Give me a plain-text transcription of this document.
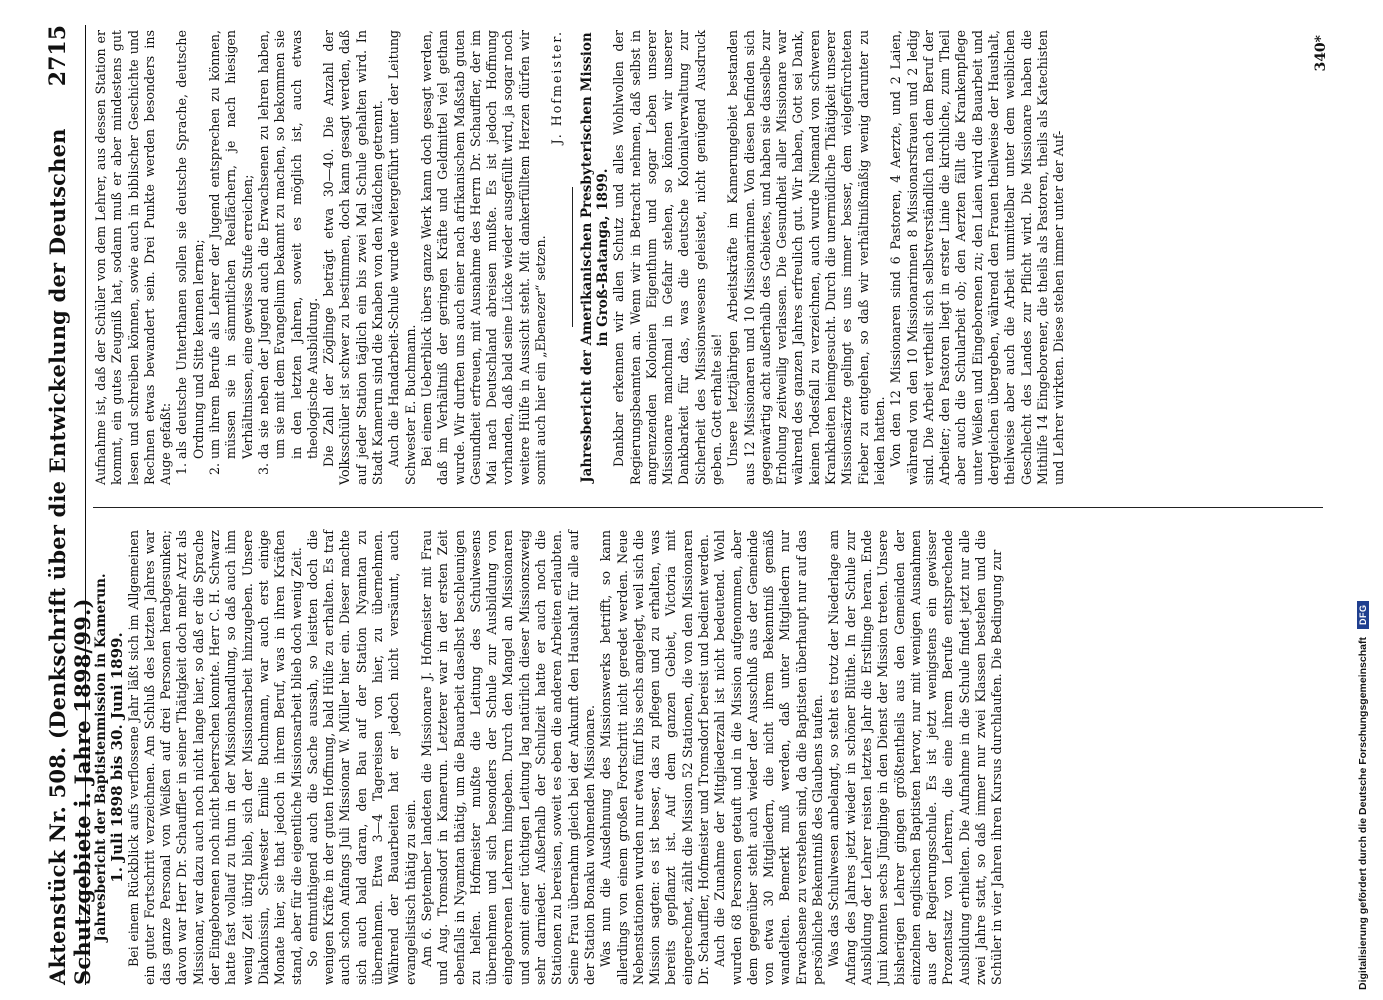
Aktenstück Nr. 508. (Denkschrift über die Entwickelung der Deutschen Schutzgebiete i. Jahre 1898/99.)
2715

Jahresbericht der Baptistenmission in Kamerun. 1. Juli 1898 bis 30. Juni 1899. Bei einem Rückblick aufs verflossene Jahr läßt sich im Allgemeinen ein guter Fortschritt verzeichnen. Am Schluß des letzten Jahres war das ganze Personal von Weißen auf drei Personen herabgesunken; davon war Herr Dr. Schauffler in seiner Thätigkeit doch mehr Arzt als Missionar, war dazu auch noch nicht lange hier, so daß er die Sprache der Eingeborenen noch nicht beherrschen konnte. Herr C. H. Schwarz hatte fast vollauf zu thun in der Missionshandlung, so daß auch ihm wenig Zeit übrig blieb, sich der Missionsarbeit hinzugeben. Unsere Diakonissin, Schwester Emilie Buchmann, war auch erst einige Monate hier, sie that jedoch in ihrem Beruf, was in ihren Kräften stand, aber für die eigentliche Missionsarbeit blieb doch wenig Zeit. So entmuthigend auch die Sache aussah, so leistten doch die wenigen Kräfte in der guten Hoffnung, bald Hülfe zu erhalten. Es traf auch schon Anfangs Juli Missionar W. Müller hier ein. Dieser machte sich auch bald daran, den Bau auf der Station Nyamtan zu übernehmen. Etwa 3—4 Tagereisen von hier, zu übernehmen. Während der Bauarbeiten hat er jedoch nicht versäumt, auch evangelistisch thätig zu sein. Am 6. September landeten die Missionare J. Hofmeister mit Frau und Aug. Tromsdorf in Kamerun. Letzterer war in der ersten Zeit ebenfalls in Nyamtan thätig, um die Bauarbeit daselbst beschleunigen zu helfen. Hofmeister mußte die Leitung des Schulwesens übernehmen und sich besonders der Schule zur Ausbildung von eingeborenen Lehrern hingeben. Durch den Mangel an Missionaren und somit einer tüchtigen Leitung lag natürlich dieser Missionszweig sehr darnieder. Außerhalb der Schulzeit hatte er auch noch die Stationen zu bereisen, soweit es eben die anderen Arbeiten erlaubten. Seine Frau übernahm gleich bei der Ankunft den Haushalt für alle auf der Station Bonaku wohnenden Missionare. Was nun die Ausdehnung des Missionswerks betrifft, so kann allerdings von einem großen Fortschritt nicht geredet werden. Neue Nebenstationen wurden nur etwa fünf bis sechs angelegt, weil sich die Mission sagten: es ist besser, das zu pflegen und zu erhalten, was bereits gepflanzt ist. Auf dem ganzen Gebiet, Victoria mit eingerechnet, zählt die Mission 52 Stationen, die von den Missionaren Dr. Schauffler, Hofmeister und Tromsdorf bereist und bedient werden. Auch die Zunahme der Mitgliederzahl ist nicht bedeutend. Wohl wurden 68 Personen getauft und in die Mission aufgenommen, aber dem gegenüber steht auch wieder der Ausschluß aus der Gemeinde von etwa 30 Mitgliedern, die nicht ihrem Bekenntniß gemäß wandelten. Bemerkt muß werden, daß unter Mitgliedern nur Erwachsene zu verstehen sind, da die Baptisten überhaupt nur auf das persönliche Bekenntniß des Glaubens taufen. Was das Schulwesen anbelangt, so steht es trotz der Niederlage am Anfang des Jahres jetzt wieder in schöner Blüthe. In der Schule zur Ausbildung der Lehrer reisten letztes Jahr die Erstlinge heran. Ende Juni konnten sechs Jünglinge in den Dienst der Mission treten. Unsere bisherigen Lehrer gingen größtentheils aus den Gemeinden der einzelnen englischen Baptisten hervor, nur mit wenigen Ausnahmen aus der Regierungsschule. Es ist jetzt wenigstens ein gewisser Prozentsatz von Lehrern, die eine ihrem Berufe entsprechende Ausbildung erhielten. Die Aufnahme in die Schule findet jetzt nur alle zwei Jahre statt, so daß immer nur zwei Klassen bestehen und die Schüler in vier Jahren ihren Kursus durchlaufen. Die Bedingung zur

Aufnahme ist, daß der Schüler von dem Lehrer, aus dessen Station er kommt, ein gutes Zeugniß hat, sodann muß er aber mindestens gut lesen und schreiben können, sowie auch in biblischer Geschichte und Rechnen etwas bewandert sein. Drei Punkte werden besonders ins Auge gefaßt: 1. als deutsche Unterthanen sollen sie deutsche Sprache, deutsche Ordnung und Sitte kennen lernen; 2. um ihrem Berufe als Lehrer der Jugend entsprechen zu können, müssen sie in sämmtlichen Realfächern, je nach hiesigen Verhältnissen, eine gewisse Stufe erreichen; 3. da sie neben der Jugend auch die Erwachsenen zu lehren haben, um sie mit dem Evangelium bekannt zu machen, so bekommen sie in den letzten Jahren, soweit es möglich ist, auch etwas theologische Ausbildung. Die Zahl der Zöglinge beträgt etwa 30—40. Die Anzahl der Volksschüler ist schwer zu bestimmen, doch kann gesagt werden, daß auf jeder Station täglich ein bis zwei Mal Schule gehalten wird. In Stadt Kamerun sind die Knaben von den Mädchen getrennt. Auch die Handarbeit-Schule wurde weitergeführt unter der Leitung Schwester E. Buchmann. Bei einem Ueberblick übers ganze Werk kann doch gesagt werden, daß im Verhältniß der geringen Kräfte und Geldmittel viel gethan wurde. Wir durften uns auch einer nach afrikanischem Maßstab guten Gesundheit erfreuen, mit Ausnahme des Herrn Dr. Schauffler, der im Mai nach Deutschland abreisen mußte. Es ist jedoch Hoffnung vorhanden, daß bald seine Lücke wieder ausgefüllt wird, ja sogar noch weitere Hülfe in Aussicht steht. Mit dankerfülltem Herzen dürfen wir somit auch hier ein „Ebenezer“ setzen.

J. Hofmeister. Jahresbericht der Amerikanischen Presbyterischen Mission in Groß-Batanga, 1899. Dankbar erkennen wir allen Schutz und alles Wohlwollen der Regierungsbeamten an. Wenn wir in Betracht nehmen, daß selbst in angrenzenden Kolonien Eigenthum und sogar Leben unserer Missionare manchmal in Gefahr stehen, so können wir unserer Dankbarkeit für das, was die deutsche Kolonialverwaltung zur Sicherheit des Missionswesens geleistet, nicht genügend Ausdruck geben. Gott erhalte sie! Unsere letztjährigen Arbeitskräfte im Kamerungebiet bestanden aus 12 Missionaren und 10 Missionarinnen. Von diesen befinden sich gegenwärtig acht außerhalb des Gebietes, und haben sie dasselbe zur Erholung zeitweilig verlassen. Die Gesundheit aller Missionare war während des ganzen Jahres erfreulich gut. Wir haben, Gott sei Dank, keinen Todesfall zu verzeichnen, auch wurde Niemand von schweren Krankheiten heimgesucht. Durch die unermüdliche Thätigkeit unserer Missionsärzte gelingt es uns immer besser, dem vielgefürchteten Fieber zu entgehen, so daß wir verhältnißmäßig wenig darunter zu leiden hatten. Von den 12 Missionaren sind 6 Pastoren, 4 Aerzte, und 2 Laien, während von den 10 Missionarinnen 8 Missionarsfrauen und 2 ledig sind. Die Arbeit vertheilt sich selbstverständlich nach dem Beruf der Arbeiter; den Pastoren liegt in erster Linie die kirchliche, zum Theil aber auch die Schularbeit ob; den Aerzten fällt die Krankenpflege unter Weißen und Eingeborenen zu; den Laien wird die Bauarbeit und dergleichen übergeben, während den Frauen theilweise der Haushalt, theilweise aber auch die Arbeit unmittelbar unter dem weiblichen Geschlecht des Landes zur Pflicht wird. Die Missionare haben die Mithilfe 14 Eingeborener, die theils als Pastoren, theils als Katechisten und Lehrer wirkten. Diese stehen immer unter der Auf-

340*
Digitalisierung gefördert durch die Deutsche Forschungsgemeinschaft
DFG
